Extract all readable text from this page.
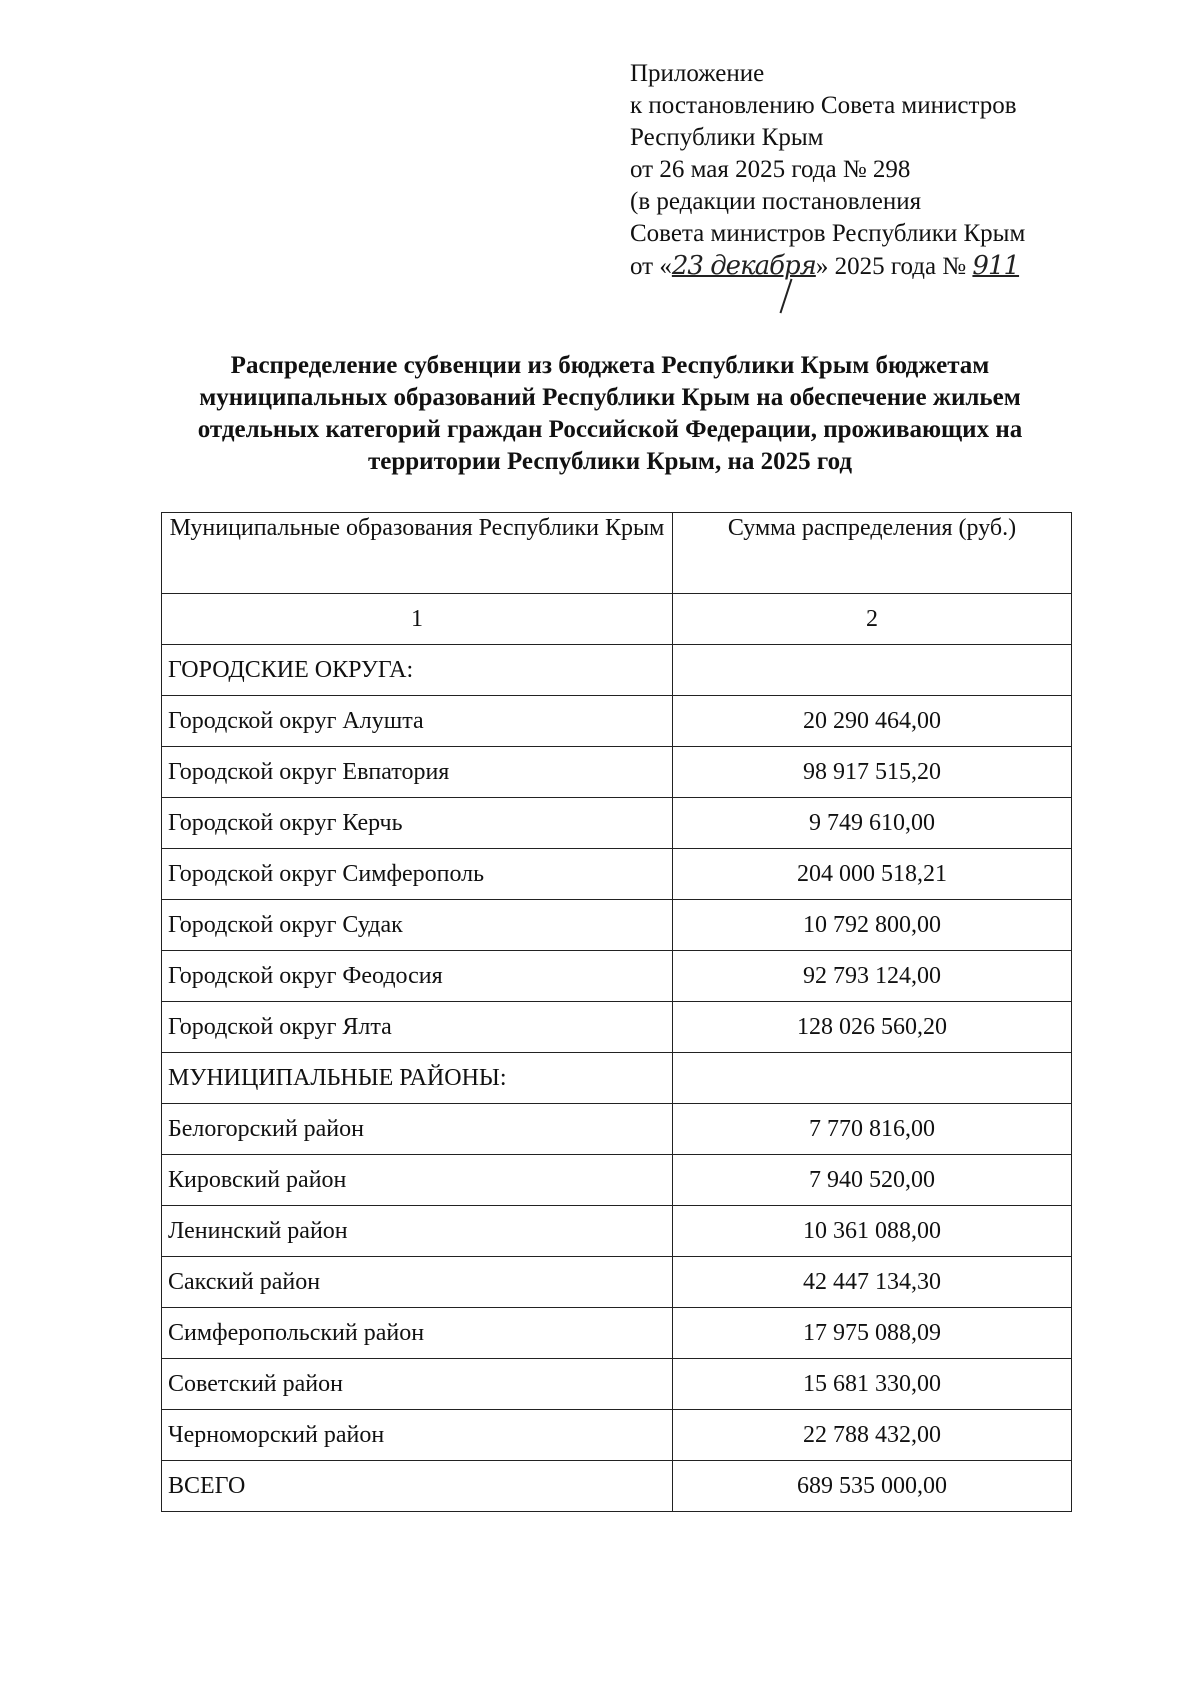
Приложение
к постановлению Совета министров
Республики Крым
от 26 мая 2025 года № 298
(в редакции постановления
Совета министров Республики Крым
от «23 декабря» 2025 года № 911
Распределение субвенции из бюджета Республики Крым бюджетам муниципальных образований Республики Крым на обеспечение жильем отдельных категорий граждан Российской Федерации, проживающих на территории Республики Крым, на 2025 год
Муниципальные образования Республики Крым	Сумма распределения (руб.)
1	2
ГОРОДСКИЕ ОКРУГА:	
Городской округ Алушта	20 290 464,00
Городской округ Евпатория	98 917 515,20
Городской округ Керчь	9 749 610,00
Городской округ Симферополь	204 000 518,21
Городской округ Судак	10 792 800,00
Городской округ Феодосия	92 793 124,00
Городской округ Ялта	128 026 560,20
МУНИЦИПАЛЬНЫЕ РАЙОНЫ:	
Белогорский район	7 770 816,00
Кировский район	7 940 520,00
Ленинский район	10 361 088,00
Сакский район	42 447 134,30
Симферопольский район	17 975 088,09
Советский район	15 681 330,00
Черноморский район	22 788 432,00
ВСЕГО	689 535 000,00
